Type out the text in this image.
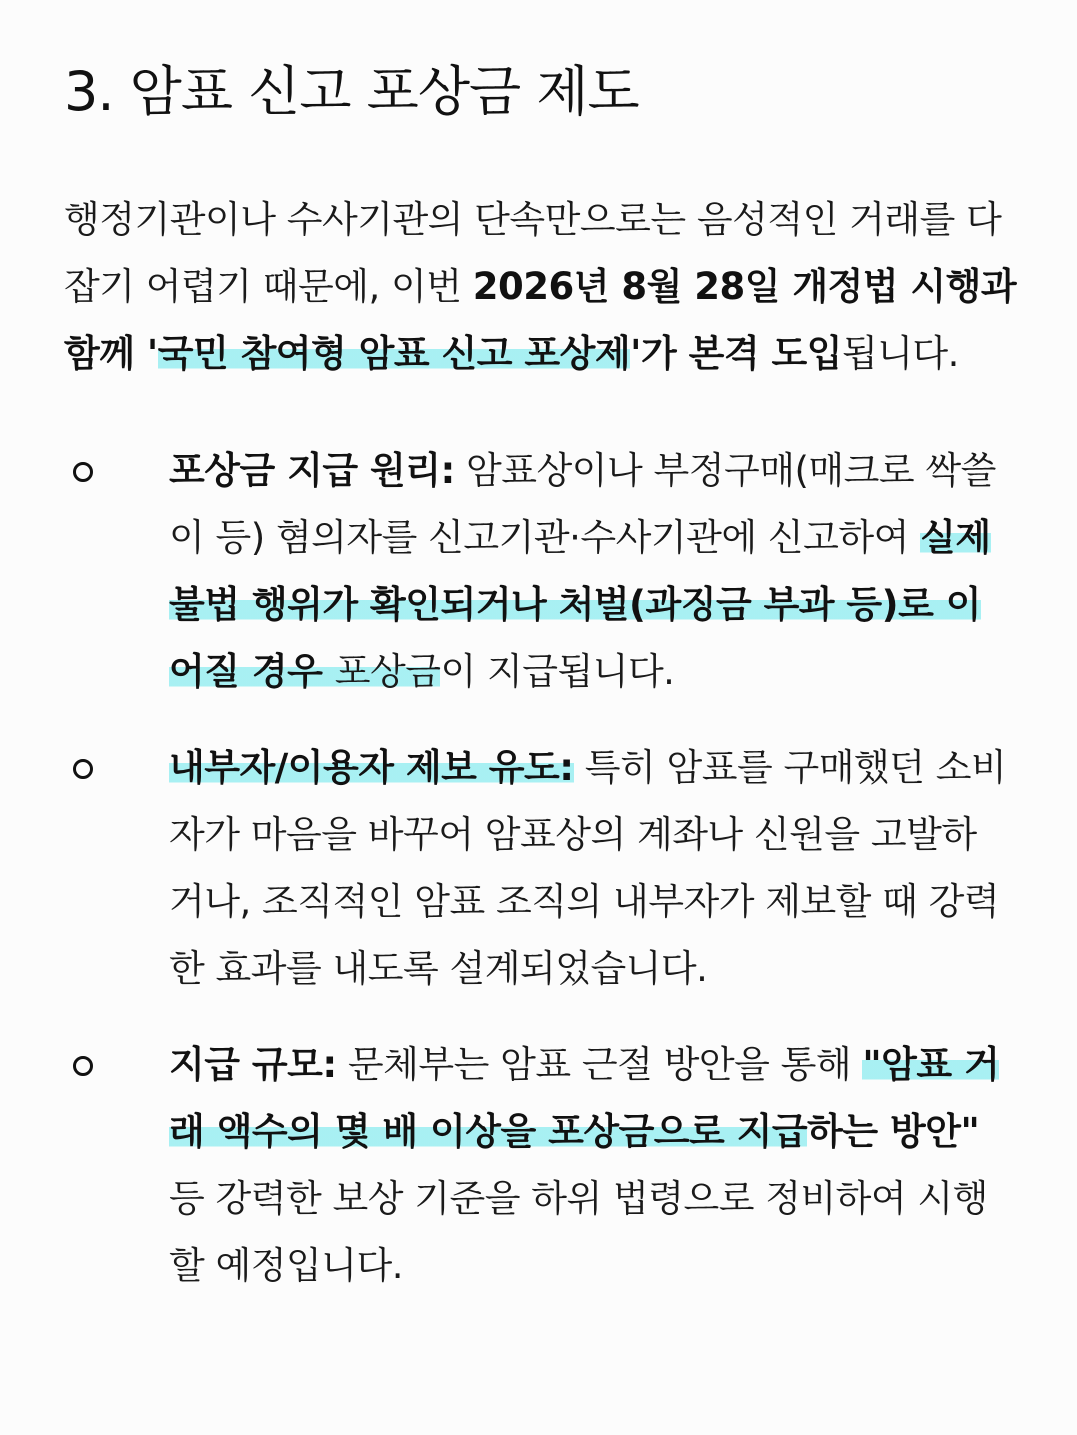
3. 암표 신고 포상금 제도

행정기관이나 수사기관의 단속만으로는 음성적인 거래를 다 잡기 어렵기 때문에, 이번 2026년 8월 28일 개정법 시행과 함께 '국민 참여형 암표 신고 포상제'가 본격 도입됩니다.

포상금 지급 원리: 암표상이나 부정구매(매크로 싹쓸이 등) 혐의자를 신고기관·수사기관에 신고하여 실제 불법 행위가 확인되거나 처벌(과징금 부과 등)로 이어질 경우 포상금이 지급됩니다.
내부자/이용자 제보 유도: 특히 암표를 구매했던 소비자가 마음을 바꾸어 암표상의 계좌나 신원을 고발하거나, 조직적인 암표 조직의 내부자가 제보할 때 강력한 효과를 내도록 설계되었습니다.
지급 규모: 문체부는 암표 근절 방안을 통해 "암표 거래 액수의 몇 배 이상을 포상금으로 지급하는 방안" 등 강력한 보상 기준을 하위 법령으로 정비하여 시행할 예정입니다.
